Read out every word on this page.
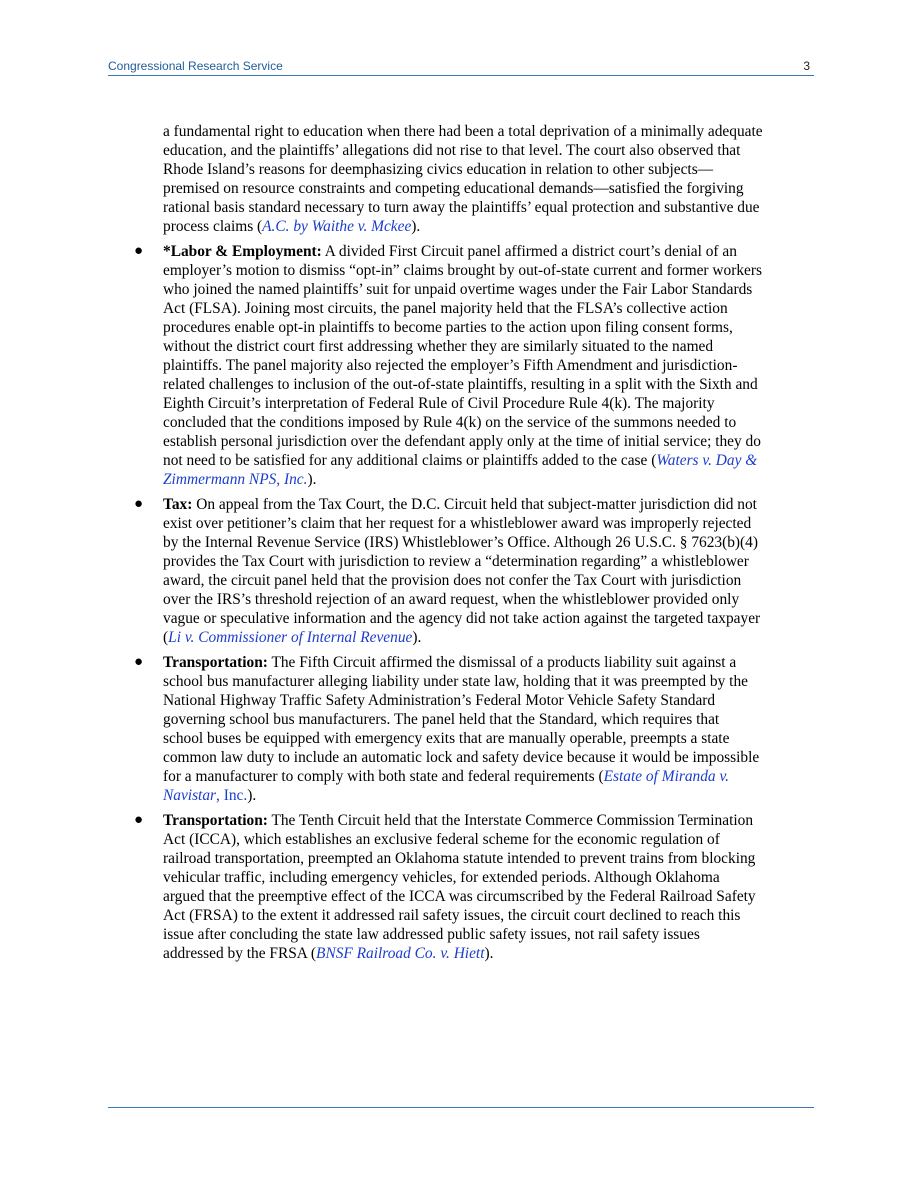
Congressional Research Service	3

a fundamental right to education when there had been a total deprivation of a minimally adequate education, and the plaintiffs’ allegations did not rise to that level. The court also observed that Rhode Island’s reasons for deemphasizing civics education in relation to other subjects—premised on resource constraints and competing educational demands—satisfied the forgiving rational basis standard necessary to turn away the plaintiffs’ equal protection and substantive due process claims (A.C. by Waithe v. Mckee).

● *Labor & Employment: A divided First Circuit panel affirmed a district court’s denial of an employer’s motion to dismiss “opt-in” claims brought by out-of-state current and former workers who joined the named plaintiffs’ suit for unpaid overtime wages under the Fair Labor Standards Act (FLSA). Joining most circuits, the panel majority held that the FLSA’s collective action procedures enable opt-in plaintiffs to become parties to the action upon filing consent forms, without the district court first addressing whether they are similarly situated to the named plaintiffs. The panel majority also rejected the employer’s Fifth Amendment and jurisdiction-related challenges to inclusion of the out-of-state plaintiffs, resulting in a split with the Sixth and Eighth Circuit’s interpretation of Federal Rule of Civil Procedure Rule 4(k). The majority concluded that the conditions imposed by Rule 4(k) on the service of the summons needed to establish personal jurisdiction over the defendant apply only at the time of initial service; they do not need to be satisfied for any additional claims or plaintiffs added to the case (Waters v. Day & Zimmermann NPS, Inc.).
● Tax: On appeal from the Tax Court, the D.C. Circuit held that subject-matter jurisdiction did not exist over petitioner’s claim that her request for a whistleblower award was improperly rejected by the Internal Revenue Service (IRS) Whistleblower’s Office. Although 26 U.S.C. § 7623(b)(4) provides the Tax Court with jurisdiction to review a “determination regarding” a whistleblower award, the circuit panel held that the provision does not confer the Tax Court with jurisdiction over the IRS’s threshold rejection of an award request, when the whistleblower provided only vague or speculative information and the agency did not take action against the targeted taxpayer (Li v. Commissioner of Internal Revenue).
● Transportation: The Fifth Circuit affirmed the dismissal of a products liability suit against a school bus manufacturer alleging liability under state law, holding that it was preempted by the National Highway Traffic Safety Administration’s Federal Motor Vehicle Safety Standard governing school bus manufacturers. The panel held that the Standard, which requires that school buses be equipped with emergency exits that are manually operable, preempts a state common law duty to include an automatic lock and safety device because it would be impossible for a manufacturer to comply with both state and federal requirements (Estate of Miranda v. Navistar, Inc.).
● Transportation: The Tenth Circuit held that the Interstate Commerce Commission Termination Act (ICCA), which establishes an exclusive federal scheme for the economic regulation of railroad transportation, preempted an Oklahoma statute intended to prevent trains from blocking vehicular traffic, including emergency vehicles, for extended periods. Although Oklahoma argued that the preemptive effect of the ICCA was circumscribed by the Federal Railroad Safety Act (FRSA) to the extent it addressed rail safety issues, the circuit court declined to reach this issue after concluding the state law addressed public safety issues, not rail safety issues addressed by the FRSA (BNSF Railroad Co. v. Hiett).
